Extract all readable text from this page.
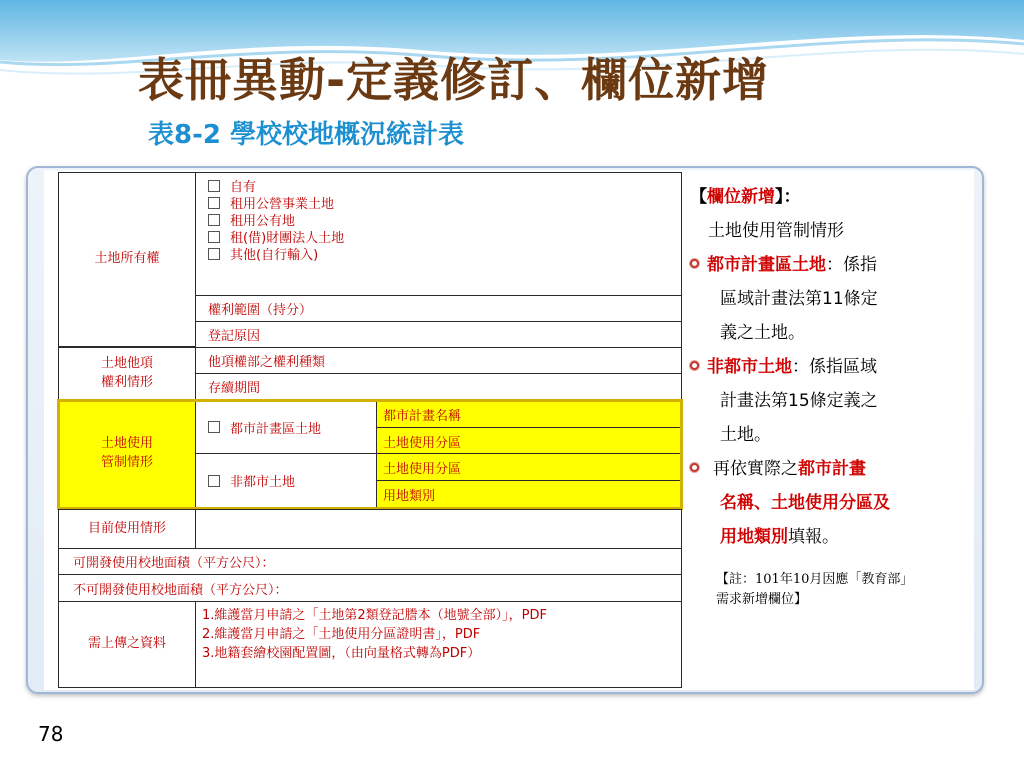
表冊異動-定義修訂、欄位新增
表8-2 學校校地概況統計表
土地所有權
自有
租用公營事業土地
租用公有地
租(借)財團法人土地
其他(自行輸入)
權利範圍（持分）
登記原因
土地他項
權利情形
他項權部之權利種類
存續期間
土地使用
管制情形
都市計畫區土地
都市計畫名稱
土地使用分區
非都市土地
土地使用分區
用地類別
目前使用情形
可開發使用校地面積（平方公尺）：
不可開發使用校地面積（平方公尺）：
需上傳之資料
1.維護當月申請之「土地第2類登記謄本（地號全部）」，PDF
2.維護當月申請之「土地使用分區證明書」，PDF
3.地籍套繪校園配置圖，（由向量格式轉為PDF）
【欄位新增】：
土地使用管制情形
都市計畫區土地：係指
區域計畫法第11條定
義之土地。
非都市土地：係指區域
計畫法第15條定義之
土地。
再依實際之都市計畫
名稱、土地使用分區及
用地類別填報。
【註：101年10月因應「教育部」
需求新增欄位】
78
